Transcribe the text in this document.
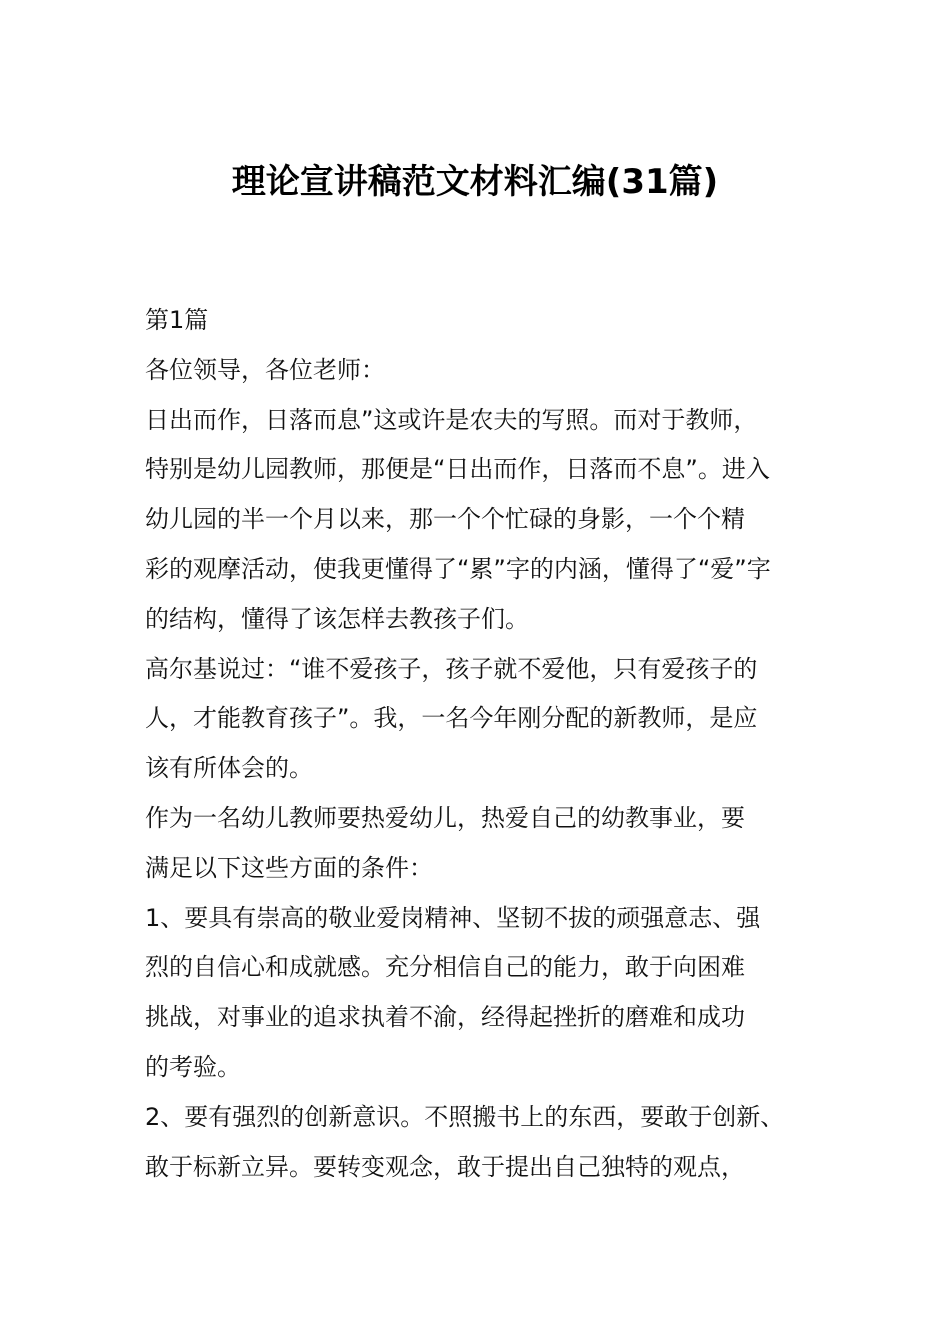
理论宣讲稿范文材料汇编(31篇)

第1篇

各位领导，各位老师：

日出而作，日落而息”这或许是农夫的写照。而对于教师，

特别是幼儿园教师，那便是“日出而作，日落而不息”。进入

幼儿园的半一个月以来，那一个个忙碌的身影，一个个精

彩的观摩活动，使我更懂得了“累”字的内涵，懂得了“爱”字

的结构，懂得了该怎样去教孩子们。

高尔基说过：“谁不爱孩子，孩子就不爱他，只有爱孩子的

人，才能教育孩子”。我，一名今年刚分配的新教师，是应

该有所体会的。

作为一名幼儿教师要热爱幼儿，热爱自己的幼教事业，要

满足以下这些方面的条件：

1、要具有崇高的敬业爱岗精神、坚韧不拔的顽强意志、强

烈的自信心和成就感。充分相信自己的能力，敢于向困难

挑战，对事业的追求执着不渝，经得起挫折的磨难和成功

的考验。

2、要有强烈的创新意识。不照搬书上的东西，要敢于创新、

敢于标新立异。要转变观念，敢于提出自己独特的观点，
